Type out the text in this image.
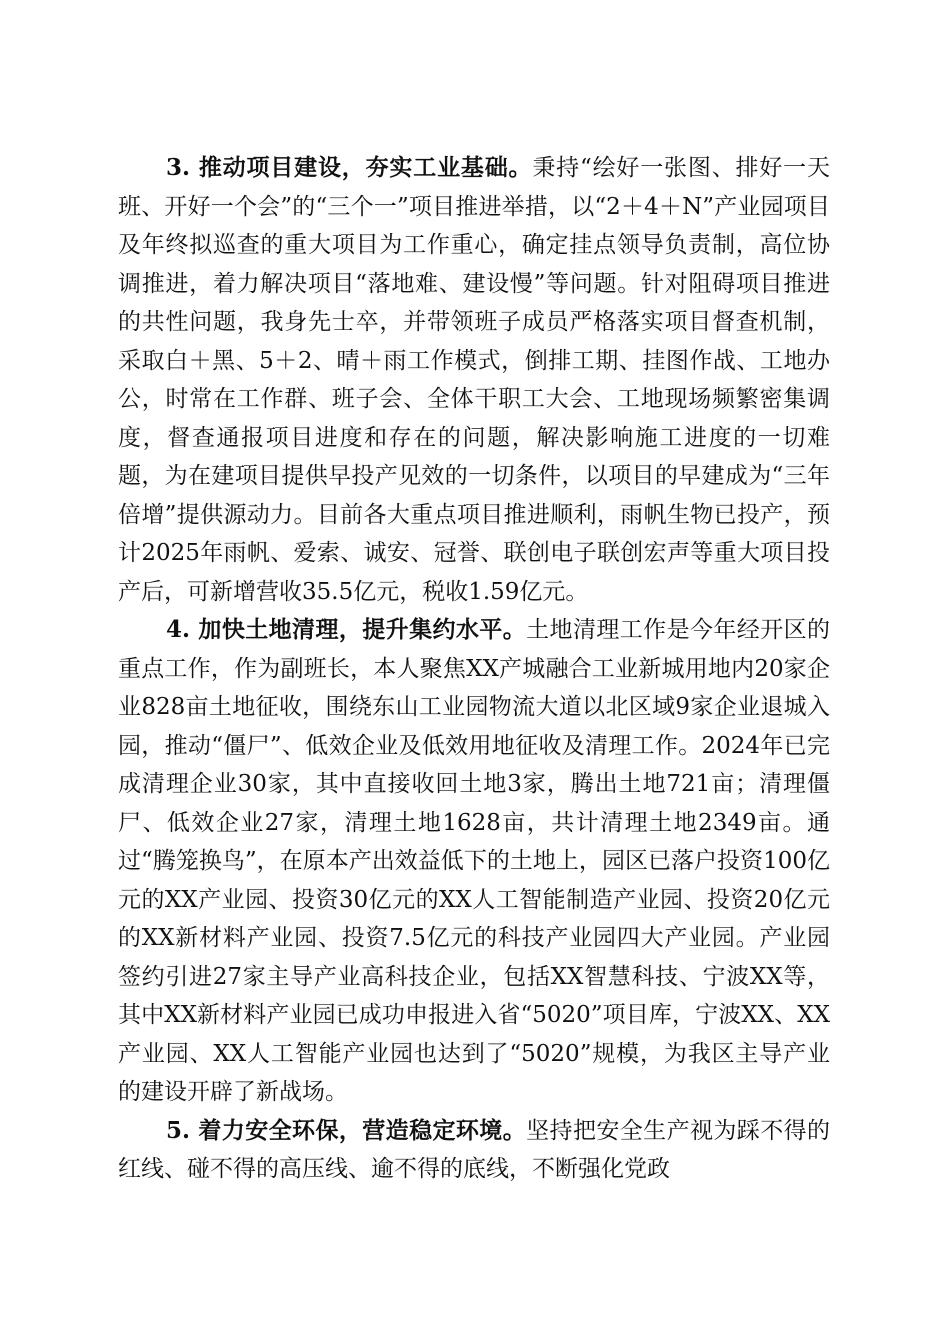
3. 推动项目建设，夯实工业基础。秉持“绘好一张图、排好一天班、开好一个会”的“三个一”项目推进举措，以“2＋4＋N”产业园项目及年终拟巡查的重大项目为工作重心，确定挂点领导负责制，高位协调推进，着力解决项目“落地难、建设慢”等问题。针对阻碍项目推进的共性问题，我身先士卒，并带领班子成员严格落实项目督查机制，采取白＋黑、5＋2、晴＋雨工作模式，倒排工期、挂图作战、工地办公，时常在工作群、班子会、全体干职工大会、工地现场频繁密集调度，督查通报项目进度和存在的问题，解决影响施工进度的一切难题，为在建项目提供早投产见效的一切条件，以项目的早建成为“三年倍增”提供源动力。目前各大重点项目推进顺利，雨帆生物已投产，预计2025年雨帆、爱索、诚安、冠誉、联创电子联创宏声等重大项目投产后，可新增营收35.5亿元，税收1.59亿元。

4. 加快土地清理，提升集约水平。土地清理工作是今年经开区的重点工作，作为副班长，本人聚焦XX产城融合工业新城用地内20家企业828亩土地征收，围绕东山工业园物流大道以北区域9家企业退城入园，推动“僵尸”、低效企业及低效用地征收及清理工作。2024年已完成清理企业30家，其中直接收回土地3家，腾出土地721亩；清理僵尸、低效企业27家，清理土地1628亩，共计清理土地2349亩。通过“腾笼换鸟”，在原本产出效益低下的土地上，园区已落户投资100亿元的XX产业园、投资30亿元的XX人工智能制造产业园、投资20亿元的XX新材料产业园、投资7.5亿元的科技产业园四大产业园。产业园签约引进27家主导产业高科技企业，包括XX智慧科技、宁波XX等，其中XX新材料产业园已成功申报进入省“5020”项目库，宁波XX、XX产业园、XX人工智能产业园也达到了“5020”规模，为我区主导产业的建设开辟了新战场。

5. 着力安全环保，营造稳定环境。坚持把安全生产视为踩不得的红线、碰不得的高压线、逾不得的底线，不断强化党政
